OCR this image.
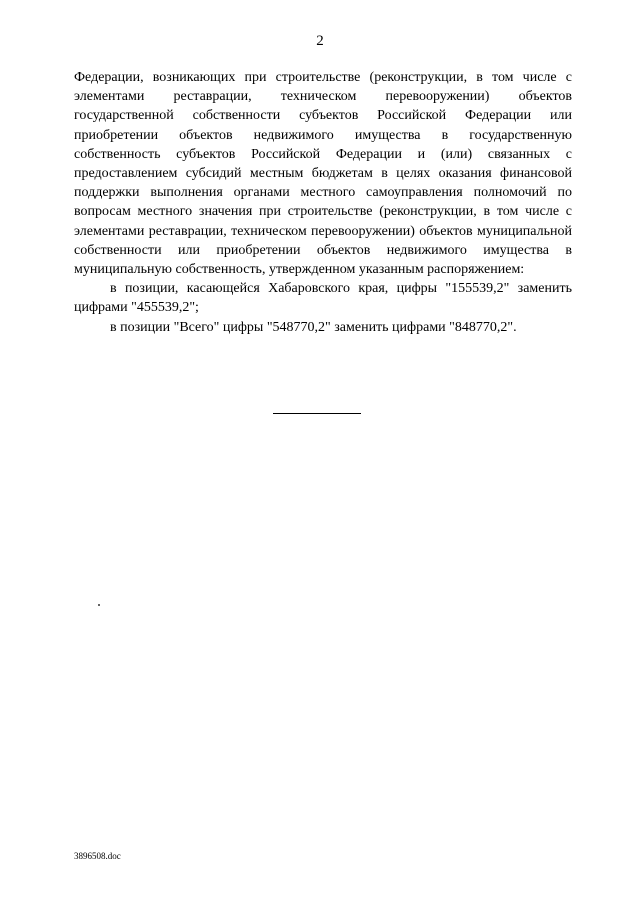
2

Федерации, возникающих при строительстве (реконструкции, в том числе с элементами реставрации, техническом перевооружении) объектов государственной собственности субъектов Российской Федерации или приобретении объектов недвижимого имущества в государственную собственность субъектов Российской Федерации и (или) связанных с предоставлением субсидий местным бюджетам в целях оказания финансовой поддержки выполнения органами местного самоуправления полномочий по вопросам местного значения при строительстве (реконструкции, в том числе с элементами реставрации, техническом перевооружении) объектов муниципальной собственности или приобретении объектов недвижимого имущества в муниципальную собственность, утвержденном указанным распоряжением:

в позиции, касающейся Хабаровского края, цифры "155539,2" заменить цифрами "455539,2";

в позиции "Всего" цифры "548770,2" заменить цифрами "848770,2".

3896508.doc
